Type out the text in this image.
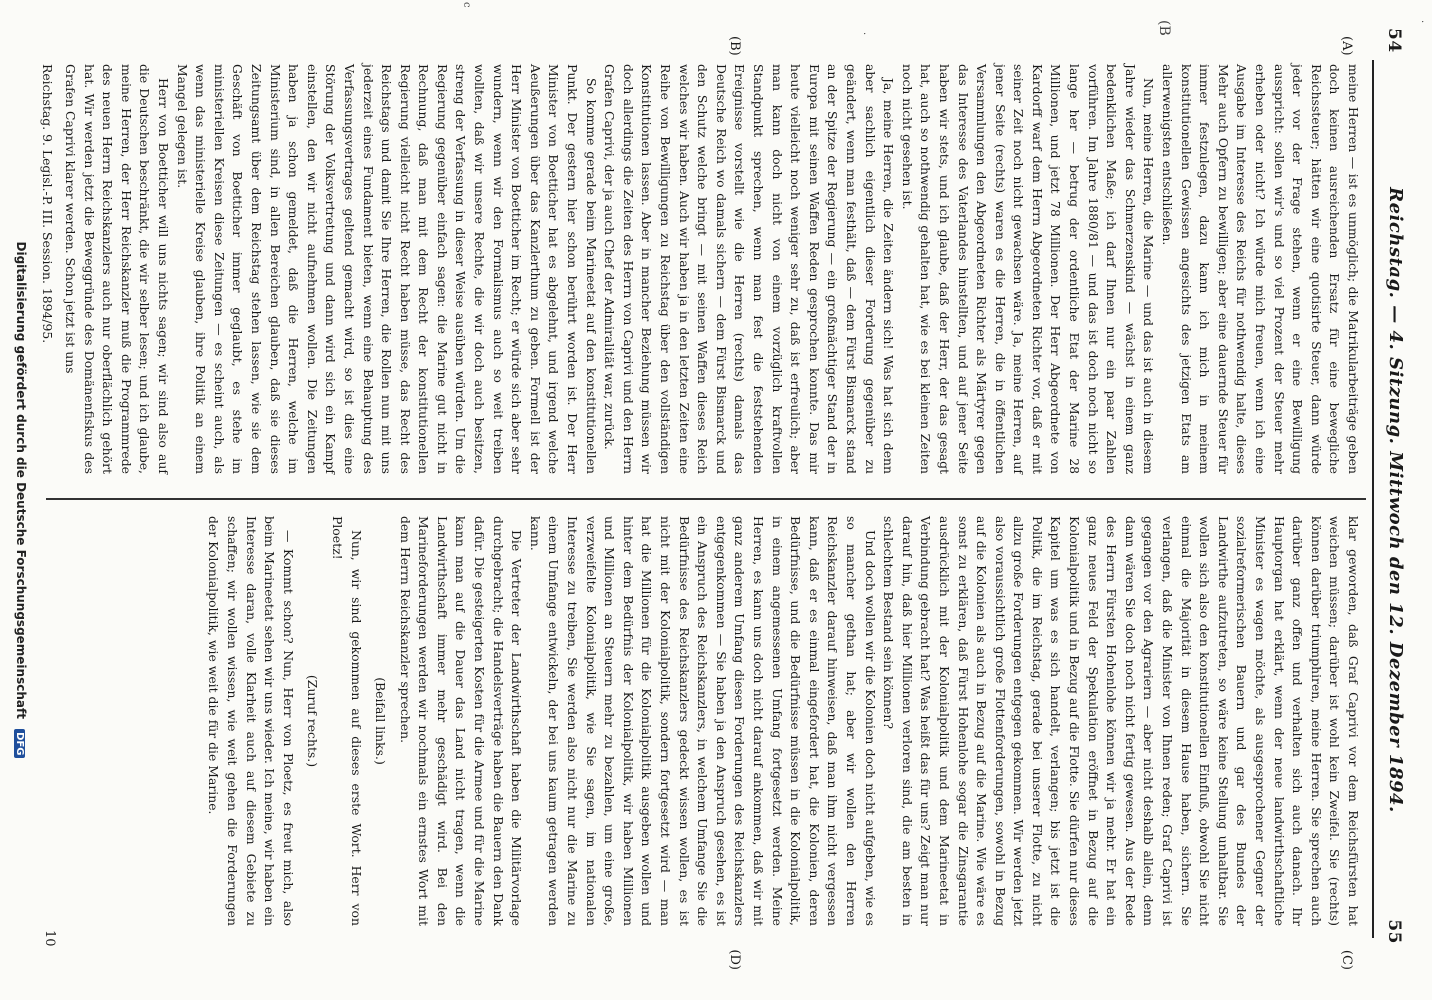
54
Reichstag. — 4. Sitzung. Mittwoch den 12. Dezember 1894.
55
(A)
(B)
(C)
(D)
.
(B
.
c

meine Herren — ist es unmöglich; die Matrikularbeiträge geben doch keinen ausreichenden Ersatz für eine bewegliche Reichssteuer; hätten wir eine quotisirte Steuer, dann würde jeder vor der Frage stehen, wenn er eine Bewilligung ausspricht: sollen wir's und so viel Prozent der Steuer mehr erheben oder nicht? Ich würde mich freuen, wenn ich eine Ausgabe im Interesse des Reichs für nothwendig halte, dieses Mehr auch Opfern zu bewilligen; aber eine dauernde Steuer für immer festzulegen, dazu kann ich mich in meinem konstitutionellen Gewissen angesichts des jetzigen Etats am allerwenigsten entschließen.

Nun, meine Herren, die Marine — und das ist auch in diesem Jahre wieder das Schmerzenskind — wächst in einem ganz bedenklichen Maße; ich darf Ihnen nur ein paar Zahlen vorführen. Im Jahre 1880/81 — und das ist doch noch nicht so lange her — betrug der ordentliche Etat der Marine 28 Millionen, und jetzt 78 Millionen. Der Herr Abgeordnete von Kardorff warf dem Herrn Abgeordneten Richter vor, daß er mit seiner Zeit noch nicht gewachsen wäre. Ja, meine Herren, auf jener Seite (rechts) waren es die Herren, die in öffentlichen Versammlungen den Abgeordneten Richter als Märtyrer gegen das Interesse des Vaterlandes hinstellten, und auf jener Seite haben wir stets, und ich glaube, daß der Herr, der das gesagt hat, auch so nothwendig gehalten hat, wie es bei kleinen Zeiten noch nicht gesehen ist.

Ja, meine Herren, die Zeiten ändern sich! Was hat sich denn aber sachlich eigentlich dieser Forderung gegenüber zu geändert, wenn man festhält, daß — dem Fürst Bismarck stand an der Spitze der Regierung — ein großmächtiger Stand der in Europa mit seinen Waffen Reden gesprochen konnte. Das mir heute vielleicht noch weniger sehr zu, daß ist erfreulich; aber man kann doch nicht von einem vorzüglich kraftvollen Standpunkt sprechen, wenn man fest die feststehenden Ereignisse vorstellt wie die Herren (rechts) damals das Deutsche Reich wo damals sichern — dem Fürst Bismarck und den Schutz welche bringt — mit seinen Waffen dieses Reich welches wir haben. Auch wir haben ja in den letzten Zeiten eine Reihe von Bewilligungen zu Reichstag über den vollständigen Konstitutionen lassen. Aber in mancher Beziehung müssen wir doch allerdings die Zeiten des Herrn von Caprivi und den Herrn Grafen Caprivi, der ja auch Chef der Admiralität war, zurück.

So komme gerade beim Marineetat auf den konstitutionellen Punkt. Der gestern hier schon berührt worden ist. Der Herr Minister von Boetticher hat es abgelehnt, und irgend welche Aeußerungen über das Kanzlerthum zu geben. Formell ist der Herr Minister von Boetticher im Recht; er würde sich aber sehr wundern, wenn wir den Formalismus auch so weit treiben wollten, daß wir unsere Rechte, die wir doch auch besitzen, streng der Verfassung in dieser Weise ausüben würden. Um die Regierung gegenüber einfach sagen: die Marine gut nicht in Rechnung, daß man mit dem Recht der konstitutionellen Regierung vielleicht nicht Recht haben müsse, das Recht des Reichstags und damit Sie Ihre Herren, die Rollen nun mit uns jederzeit eines Fundament bieten, wenn eine Behauptung des Verfassungsvertrages geltend gemacht wird, so ist dies eine Störung der Volksvertretung und dann wird sich ein Kampf einstellen, den wir nicht aufnehmen wollen. Die Zeitungen haben ja schon gemeldet, daß die Herren, welche im Ministerium sind, in allen Bereichen glauben, daß sie dieses Zeitungsamt über dem Reichstag stehen lassen, wie sie dem Geschäft von Boetticher immer geglaubt, es stehe im ministeriellen Kreisen diese Zeitungen — es scheint auch, als wenn das ministerielle Kreise glauben, ihre Politik an einem Mangel gelegen ist.

Herr von Boetticher will uns nichts sagen; wir sind also auf die Deutschen beschränkt, die wir selber lesen; und ich glaube, meine Herren, der Herr Reichskanzler muß die Programmrede des neuen Herrn Reichskanzlers auch nur oberflächlich gehört hat. Wir werden jetzt die Beweggründe des Domänenfiskus des Grafen Caprivi klarer werden. Schon jetzt ist uns

Reichstag. 9. Legisl.-P. III. Session. 1894/95.

klar geworden, daß Graf Caprivi vor dem Reichsfürsten hat weichen müssen; darüber ist wohl kein Zweifel. Sie (rechts) können darüber triumphiren, meine Herren. Sie sprechen auch darüber ganz offen und verhalten sich auch danach. Ihr Hauptorgan hat erklärt, wenn der neue landwirthschaftliche Minister es wagen möchte, als ausgesprochener Gegner der sozialreformerischen Bauern und gar des Bundes der Landwirthe aufzutreten, so wäre keine Stellung unhaltbar. Sie wollen sich also den konstitutionellen Einfluß, obwohl Sie nicht einmal die Majorität in diesem Hause haben, sichern. Sie verlangen, daß die Minister von Ihnen reden; Graf Caprivi ist gegangen vor den Agrariern — aber nicht deshalb allein, denn dann wären Sie doch noch nicht fertig gewesen. Aus der Rede des Herrn Fürsten Hohenlohe können wir ja mehr. Er hat ein ganz neues Feld der Spekulation eröffnet in Bezug auf die Kolonialpolitik und in Bezug auf die Flotte. Sie dürfen nur dieses Kapitel um was es sich handelt, verlangen; bis jetzt ist die Politik, die im Reichstag, gerade bei unserer Flotte, zu nicht allzu große Forderungen entgegen gekommen. Wir werden jetzt also voraussichtlich große Flottenforderungen, sowohl in Bezug auf die Kolonien als auch in Bezug auf die Marine. Wie wäre es sonst zu erklären, daß Fürst Hohenlohe sogar die Zinsgarantie ausdrücklich mit der Kolonialpolitik und dem Marineetat in Verbindung gebracht hat? Was heißt das für uns? Zeigt man nur darauf hin, daß hier Millionen verloren sind, die am besten in schlechtem Bestand sein können?

Und doch wollen wir die Kolonien doch nicht aufgeben, wie es so mancher gethan hat; aber wir wollen den Herren Reichskanzler darauf hinweisen, daß man ihm nicht vergessen kann, daß er es einmal eingefordert hat, die Kolonien, deren Bedürfnisse, und die Bedürfnisse müssen in die Kolonialpolitik, in einem angemessenen Umfang fortgesetzt werden. Meine Herren, es kann uns doch nicht darauf ankommen, daß wir mit ganz anderem Umfang diesen Forderungen des Reichskanzlers entgegenkommen — Sie haben ja den Anspruch gesehen, es ist ein Anspruch des Reichskanzlers, in welchem Umfange Sie die Bedürfnisse des Reichskanzlers gedeckt wissen wollen, es ist nicht mit der Kolonialpolitik, sondern fortgesetzt wird — man hat die Millionen für die Kolonialpolitik ausgeben wollen und hinter dem Bedürfnis der Kolonialpolitik, wir haben Millionen und Millionen an Steuern mehr zu bezahlen, um eine große, verzweifelte Kolonialpolitik, wie Sie sagen, im nationalen Interesse zu treiben, Sie werden also nicht nur die Marine zu einem Umfange entwickeln, der bei uns kaum getragen werden kann.

Die Vertreter der Landwirthschaft haben die Militärvorlage durchgebracht; die Handelsverträge haben die Bauern den Dank dafür. Die gesteigerten Kosten für die Armee und für die Marine kann man auf die Dauer das Land nicht tragen, wenn die Landwirthschaft immer mehr geschädigt wird. Bei den Marineforderungen werden wir nochmals ein ernstes Wort mit dem Herrn Reichskanzler sprechen.

(Beifall links.)

Nun, wir sind gekommen auf dieses erste Wort. Herr von Ploetz!

(Zuruf rechts.)

— Kommt schon? Nun, Herr von Ploetz, es freut mich, also beim Marineetat sehen wir uns wieder. Ich meine, wir haben ein Interesse daran, volle Klarheit auch auf diesem Gebiete zu schaffen; wir wollen wissen, wie weit gehen die Forderungen der Kolonialpolitik, wie weit die für die Marine.

10
Digitalisierung gefördert durch die Deutsche Forschungsgemeinschaft DFG
